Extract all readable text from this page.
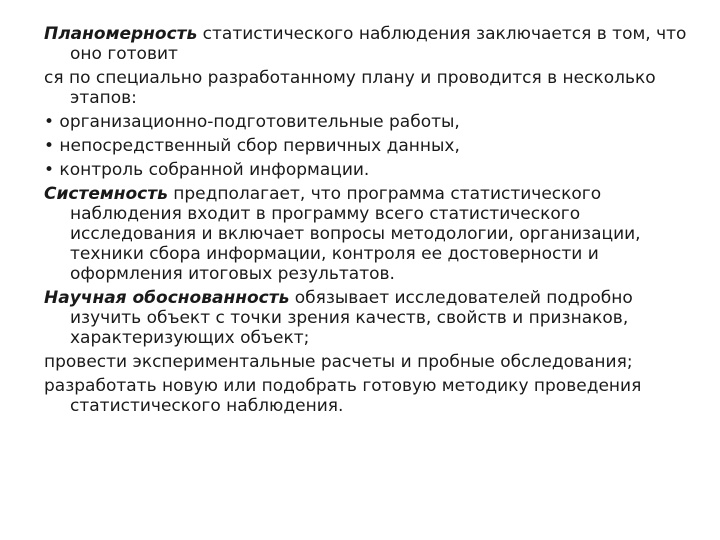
Планомерность статистического наблюдения заключается в том, что оно готовит

ся по специально разработанному плану и проводится в несколько этапов:

• организационно-подготовительные работы,

• непосредственный сбор первичных данных,

• контроль собранной информации.

Системность предполагает, что программа статистического наблюдения входит в программу всего статистического исследования и включает вопросы методологии, организации, техники сбора информации, контроля ее достоверности и оформления итоговых результатов.

Научная обоснованность обязывает исследователей подробно изучить объект с точки зрения качеств, свойств и признаков, характеризующих объект;

провести экспериментальные расчеты и пробные обследования;

разработать новую или подобрать готовую методику проведения статистического наблюдения.
